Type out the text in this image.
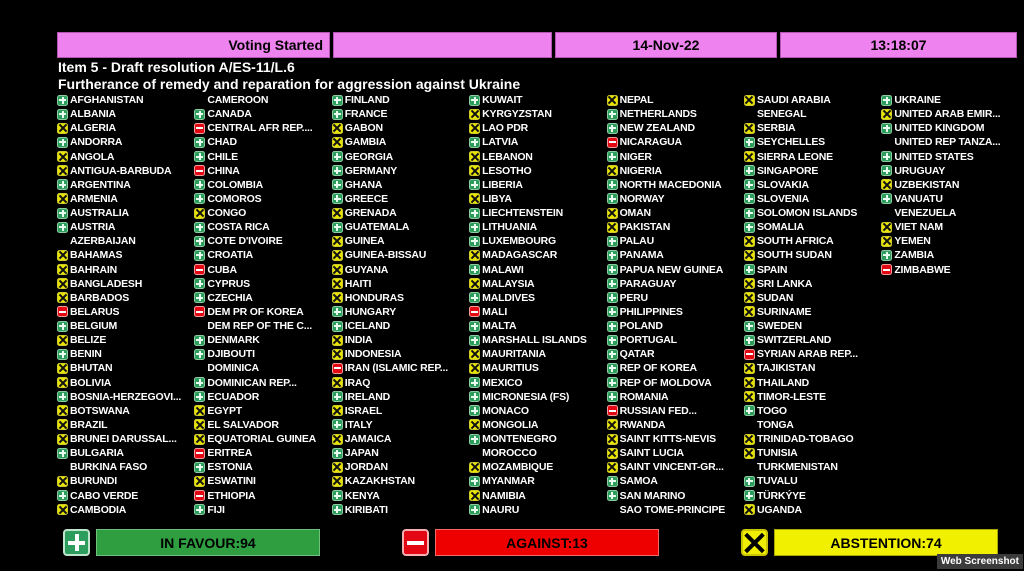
Voting Started	14-Nov-22	13:18:07
Item 5 - Draft resolution A/ES-11/L.6
Furtherance of remedy and reparation for aggression against Ukraine
AFGHANISTAN
ALBANIA
ALGERIA
ANDORRA
ANGOLA
ANTIGUA-BARBUDA
ARGENTINA
ARMENIA
AUSTRALIA
AUSTRIA
AZERBAIJAN
BAHAMAS
BAHRAIN
BANGLADESH
BARBADOS
BELARUS
BELGIUM
BELIZE
BENIN
BHUTAN
BOLIVIA
BOSNIA-HERZEGOVI...
BOTSWANA
BRAZIL
BRUNEI DARUSSAL...
BULGARIA
BURKINA FASO
BURUNDI
CABO VERDE
CAMBODIA
CAMEROON
CANADA
CENTRAL AFR REP....
CHAD
CHILE
CHINA
COLOMBIA
COMOROS
CONGO
COSTA RICA
COTE D'IVOIRE
CROATIA
CUBA
CYPRUS
CZECHIA
DEM PR OF KOREA
DEM REP OF THE C...
DENMARK
DJIBOUTI
DOMINICA
DOMINICAN REP...
ECUADOR
EGYPT
EL SALVADOR
EQUATORIAL GUINEA
ERITREA
ESTONIA
ESWATINI
ETHIOPIA
FIJI
FINLAND
FRANCE
GABON
GAMBIA
GEORGIA
GERMANY
GHANA
GREECE
GRENADA
GUATEMALA
GUINEA
GUINEA-BISSAU
GUYANA
HAITI
HONDURAS
HUNGARY
ICELAND
INDIA
INDONESIA
IRAN (ISLAMIC REP...
IRAQ
IRELAND
ISRAEL
ITALY
JAMAICA
JAPAN
JORDAN
KAZAKHSTAN
KENYA
KIRIBATI
KUWAIT
KYRGYZSTAN
LAO PDR
LATVIA
LEBANON
LESOTHO
LIBERIA
LIBYA
LIECHTENSTEIN
LITHUANIA
LUXEMBOURG
MADAGASCAR
MALAWI
MALAYSIA
MALDIVES
MALI
MALTA
MARSHALL ISLANDS
MAURITANIA
MAURITIUS
MEXICO
MICRONESIA (FS)
MONACO
MONGOLIA
MONTENEGRO
MOROCCO
MOZAMBIQUE
MYANMAR
NAMIBIA
NAURU
NEPAL
NETHERLANDS
NEW ZEALAND
NICARAGUA
NIGER
NIGERIA
NORTH MACEDONIA
NORWAY
OMAN
PAKISTAN
PALAU
PANAMA
PAPUA NEW GUINEA
PARAGUAY
PERU
PHILIPPINES
POLAND
PORTUGAL
QATAR
REP OF KOREA
REP OF MOLDOVA
ROMANIA
RUSSIAN FED...
RWANDA
SAINT KITTS-NEVIS
SAINT LUCIA
SAINT VINCENT-GR...
SAMOA
SAN MARINO
SAO TOME-PRINCIPE
SAUDI ARABIA
SENEGAL
SERBIA
SEYCHELLES
SIERRA LEONE
SINGAPORE
SLOVAKIA
SLOVENIA
SOLOMON ISLANDS
SOMALIA
SOUTH AFRICA
SOUTH SUDAN
SPAIN
SRI LANKA
SUDAN
SURINAME
SWEDEN
SWITZERLAND
SYRIAN ARAB REP...
TAJIKISTAN
THAILAND
TIMOR-LESTE
TOGO
TONGA
TRINIDAD-TOBAGO
TUNISIA
TURKMENISTAN
TUVALU
TÜRKÝYE
UGANDA
UKRAINE
UNITED ARAB EMIR...
UNITED KINGDOM
UNITED REP TANZA...
UNITED STATES
URUGUAY
UZBEKISTAN
VANUATU
VENEZUELA
VIET NAM
YEMEN
ZAMBIA
ZIMBABWE
IN FAVOUR:94	AGAINST:13	ABSTENTION:74
Web Screenshot
